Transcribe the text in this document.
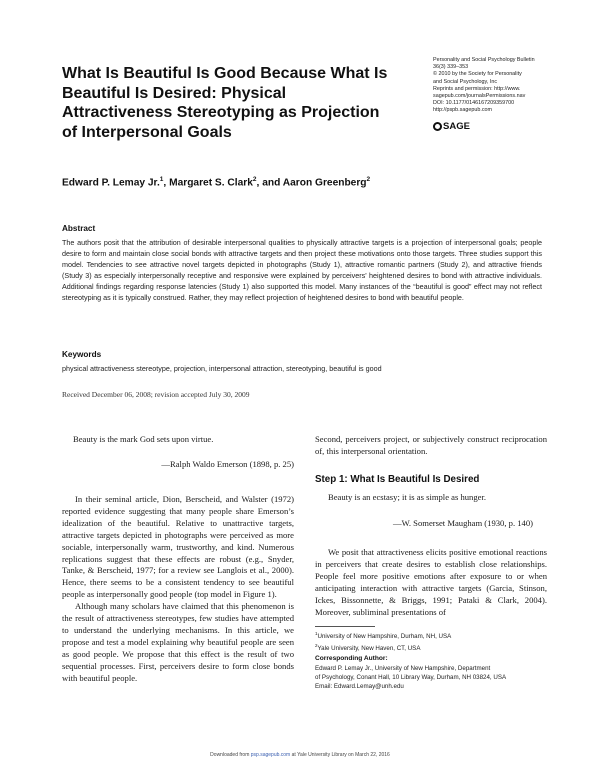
What Is Beautiful Is Good Because What Is Beautiful Is Desired: Physical Attractiveness Stereotyping as Projection of Interpersonal Goals
Personality and Social Psychology Bulletin
36(3) 339–353
© 2010 by the Society for Personality
and Social Psychology, Inc
Reprints and permission: http://www.
sagepub.com/journalsPermissions.nav
DOI: 10.1177/0146167209359700
http://pspb.sagepub.com
SAGE
Edward P. Lemay Jr.$^1$, Margaret S. Clark$^2$, and Aaron Greenberg$^2$
Abstract

The authors posit that the attribution of desirable interpersonal qualities to physically attractive targets is a projection of interpersonal goals; people desire to form and maintain close social bonds with attractive targets and then project these motivations onto those targets. Three studies support this model. Tendencies to see attractive novel targets depicted in photographs (Study 1), attractive romantic partners (Study 2), and attractive friends (Study 3) as especially interpersonally receptive and responsive were explained by perceivers’ heightened desires to bond with attractive individuals. Additional findings regarding response latencies (Study 1) also supported this model. Many instances of the “beautiful is good” effect may not reflect stereotyping as it is typically construed. Rather, they may reflect projection of heightened desires to bond with beautiful people.

Keywords

physical attractiveness stereotype, projection, interpersonal attraction, stereotyping, beautiful is good

Received December 06, 2008; revision accepted July 30, 2009
Beauty is the mark God sets upon virtue.
—Ralph Waldo Emerson (1898, p. 25)

In their seminal article, Dion, Berscheid, and Walster (1972) reported evidence suggesting that many people share Emerson’s idealization of the beautiful. Relative to unattractive targets, attractive targets depicted in photographs were perceived as more sociable, interpersonally warm, trustworthy, and kind. Numerous replications suggest that these effects are robust (e.g., Snyder, Tanke, & Berscheid, 1977; for a review see Langlois et al., 2000). Hence, there seems to be a consistent tendency to see beautiful people as interpersonally good people (top model in Figure 1).

Although many scholars have claimed that this phenomenon is the result of attractiveness stereotypes, few studies have attempted to understand the underlying mechanisms. In this article, we propose and test a model explaining why beautiful people are seen as good people. We propose that this effect is the result of two sequential processes. First, perceivers desire to form close bonds with beautiful people.

Second, perceivers project, or subjectively construct reciprocation of, this interpersonal orientation.

Step 1: What Is Beautiful Is Desired
Beauty is an ecstasy; it is as simple as hunger.
—W. Somerset Maugham (1930, p. 140)

We posit that attractiveness elicits positive emotional reactions in perceivers that create desires to establish close relationships. People feel more positive emotions after exposure to or when anticipating interaction with attractive targets (Garcia, Stinson, Ickes, Bissonnette, & Briggs, 1991; Pataki & Clark, 2004). Moreover, subliminal presentations of

$^1$University of New Hampshire, Durham, NH, USA
$^2$Yale University, New Haven, CT, USA
Corresponding Author:
Edward P. Lemay Jr., University of New Hampshire, Department
of Psychology, Conant Hall, 10 Library Way, Durham, NH 03824, USA
Email: Edward.Lemay@unh.edu
Downloaded from psp.sagepub.com at Yale University Library on March 22, 2016
